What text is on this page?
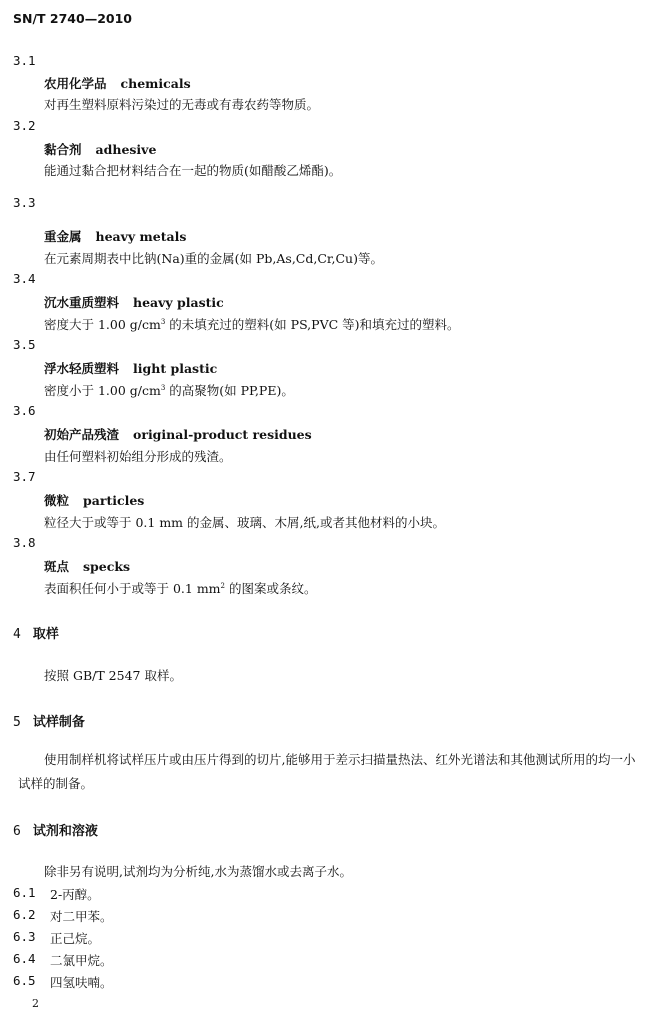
SN/T 2740—2010
3.1
农用化学品 chemicals
对再生塑料原料污染过的无毒或有毒农药等物质。
3.2
黏合剂 adhesive
能通过黏合把材料结合在一起的物质(如醋酸乙烯酯)。
3.3
重金属 heavy metals
在元素周期表中比钠(Na)重的金属(如 Pb,As,Cd,Cr,Cu)等。
3.4
沉水重质塑料 heavy plastic
密度大于 1.00 $g/cm^3$ 的未填充过的塑料(如 PS,PVC 等)和填充过的塑料。
3.5
浮水轻质塑料 light plastic
密度小于 1.00 $g/cm^3$ 的高聚物(如 PP,PE)。
3.6
初始产品残渣 original-product residues
由任何塑料初始组分形成的残渣。
3.7
微粒 particles
粒径大于或等于 0.1 mm 的金属、玻璃、木屑,纸,或者其他材料的小块。
3.8
斑点 specks
表面积任何小于或等于 0.1 $mm^2$ 的图案或条纹。
4 取样
按照 GB/T 2547 取样。
5 试样制备
使用制样机将试样压片或由压片得到的切片,能够用于差示扫描量热法、红外光谱法和其他测试所用的均一小试样的制备。
6 试剂和溶液
除非另有说明,试剂均为分析纯,水为蒸馏水或去离子水。
6.1 2-丙醇。
6.2 对二甲苯。
6.3 正己烷。
6.4 二氯甲烷。
6.5 四氢呋喃。
2
